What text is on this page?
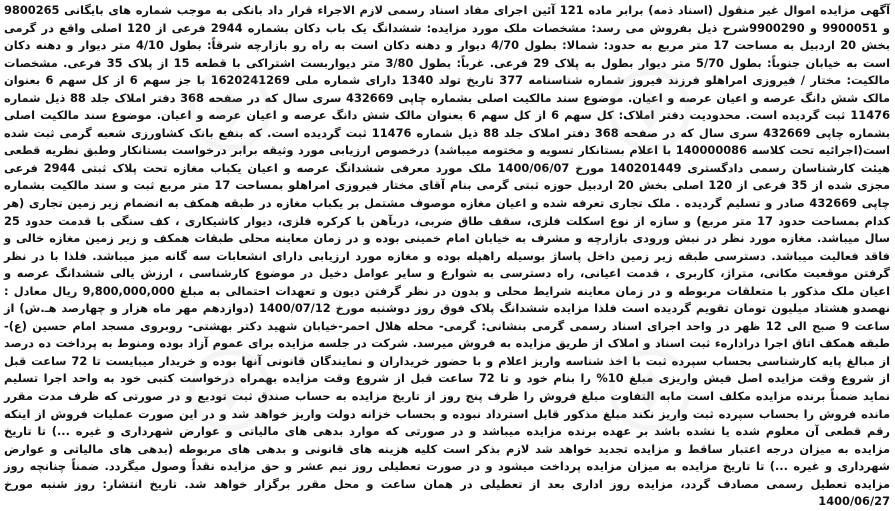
آگهی مزایده اموال غیر منقول (اسناد ذمه) برابر ماده 121 آئین اجرای مفاد اسناد رسمی لازم الاجراء قرار داد بانکی به موجب شماره های بایگانی 9800265 و 9900051 و 9900290شرح ذیل بفروش می رسد: مشخصات ملک مورد مزایده: ششدانگ یک باب دکان بشماره 2944 فرعی از 120 اصلی واقع در گرمی بخش 20 اردبیل به مساحت 17 متر مربع به حدود: شمالا: بطول 4/70 دیوار و دهنه دکان است به راه رو بازارچه شرقاً: بطول 4/10 متر دیوار و دهنه دکان است به خیابان جنوباً: بطول 5/70 متر دیوار بطول به پلاک 29 فرعی. غرباً: بطول 3/80 متر دیواربست اشتراکی با قطعه 15 از پلاک 35 فرعی. مشخصات مالکیت: مختار / فیروزی امراهلو فرزند فیروز شماره شناسنامه 377 تاریخ تولد 1340 دارای شماره ملی 1620241269 با جز سهم 6 از کل سهم 6 بعنوان مالک شش دانگ عرصه و اعیان عرصه و اعیان. موضوع سند مالکیت اصلی بشماره چاپی 432669 سری سال که در صفحه 368 دفتر املاک جلد 88 ذیل شماره 11476 ثبت گردیده است. محدودیت دفتر املاک: کل سهم 6 از کل سهم 6 بعنوان مالک شش دانگ عرصه و اعیان عرصه و اعیان. موضوع سند مالکیت اصلی بشماره چاپی 432669 سری سال که در صفحه 368 دفتر املاک جلد 88 ذیل شماره 11476 ثبت گردیده است. که بنفع بانک کشاورزی شعبه گرمی ثبت شده است(اجرائیه تحت کلاسه 140000086 با اعلام بستانکار تسویه و مختومه میباشد) درخصوص ارزیابی مورد وثیقه برابر درخواست بستانکار وطبق نظریه قطعی هیئت کارشناسان رسمی دادگستری 140201449 مورخ 1400/06/07 ملک مورد معرفی ششدانگ عرصه و اعیان یکباب مغازه تحت پلاک ثبتی 2944 فرعی مجزی شده از 35 فرعی از 120 اصلی بخش 20 اردبیل حوزه ثبتی گرمی بنام آقای مختار فیروزی امراهلو بمساحت 17 متر مربع ثبت و سند مالکیت بشماره چاپی 432669 صادر و تسلیم گردیده . ملک تجاری تعرفه شده و اعیان مغازه موصوف مشتمل بر یکباب مغازه در طبقه همکف به انضمام زیر زمین تجاری (هر کدام بمساحت حدود 17 متر مربع) و سازه از نوع اسکلت فلزی، سقف طاق ضربی، دربآهن با کرکره فلزی، دیوار کاشیکاری ، کف سنگی با قدمت حدود 25 سال میباشد. مغازه مورد نظر در نبش ورودی بازارچه و مشرف به خیابان امام خمینی بوده و در زمان معاینه محلی طبقات همکف و زیر زمین مغازه خالی و فاقد فعالیت میباشد. دسترسی طبقه زیر زمین داخل پاساژ بوسیله راهپله بوده و مغازه مورد ارزیابی دارای انشعابات سه گانه میز میباشد. فلذا با در نظر گرفتن موقعیت مکانی، متراژ، کاربری ، قدمت اعیانی، راه دسترسی به شوارع و سایر عوامل دخیل در موضوع کارشناسی ، ارزش یالی ششدانگ عرصه و اعیان ملک مذکور با متعلقات مربوطه و در زمان معاینه شرایط محلی و بدون در نظر گرفتن دیون و تعهدات احتمالی به مبلغ 9,800,000,000 ریال معادل : نهصدو هشتاد میلیون تومان تقویم گردیده است فلذا مزایده ششدانگ پلاک فوق روز دوشنبه مورخ 1400/07/12 (دوازدهم مهر ماه هزار و چهارصد هـ.ش) از ساعت 9 صبح الی 12 ظهر در واحد اجرای اسناد رسمی گرمی بنشانی: گرمی- محله هلال احمر-خیابان شهید دکتر بهشتی- روبروی مسجد امام حسین (ع)- طبقه همکف اتاق اجرا درادارهء ثبت اسناد و املاک از طریق مزایده به فروش میرسد. شرکت در جلسه مزایده برای عموم آزاد بوده ومنوط به پرداخت ده درصد از مبالغ پایه کارشناسی بحساب سپرده ثبت با اخذ شناسه واریز اعلام و با حضور خریداران و نمایندگان قانونی آنها بوده و خریدار میبایست تا 72 ساعت قبل از شروع وقت مزایده اصل فیش واریزی مبلغ 10% را بنام خود و تا 72 ساعت قبل از شروع وقت مزایده بهمراه درخواست کتبی خود به واحد اجرا تسلیم نماید ضمناً برنده مزایده مکلف است مابه التفاوت مبلغ فروش را ظرف پنج روز از تاریخ مزایده به حساب صندق ثبت تودیع و در صورتی که ظرف مدت مقرر مانده فروش را بحساب سپرده ثبت واریز نکند مبلغ مذکور قابل استرداد نبوده و بحساب خزانه دولت واریز خواهد شد و در این صورت عملیات فروش از اینکه رقم قطعی آن معلوم شده یا نشده باشد بر عهده برنده مزایده میباشد و در صورتی که موارد بدهی های مالیاتی و عوارض شهرداری و غیره ...) تا تاریخ مزایده به میزان درجه اعتبار ساقط و مزایده تجدید خواهد شد لازم بذکر است کلیه هزینه های قانونی و بدهی های مربوطه (بدهی های مالیاتی و عوارض شهرداری و غیره ...) تا تاریخ مزایده به میزان مزایده پرداخت میشود و در صورت تعطیلی روز نیم عشر و حق مزایده نقداً وصول میگردد. ضمناً چنانچه روز مزایده تعطیل رسمی مصادف گردد، مزایده روز اداری بعد از تعطیلی در همان ساعت و محل مقرر برگزار خواهد شد. تاریخ انتشار: روز شنبه مورخ 1400/06/27
